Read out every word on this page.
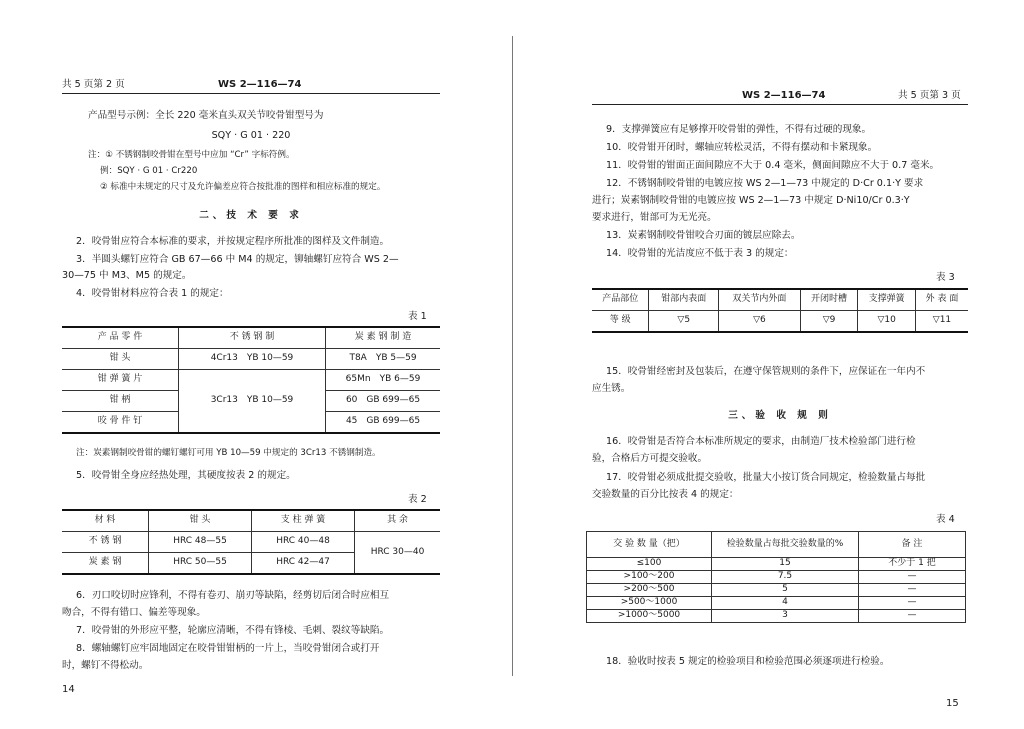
共 5 页第 2 页	WS 2—116—74
产品型号示例：全长 220 毫米直头双关节咬骨钳型号为
SQY · G 01 · 220
注：① 不锈钢制咬骨钳在型号中应加 “Cr” 字标符例。
例：SQY · G 01 · Cr220
② 标准中未规定的尺寸及允许偏差应符合按批准的图样和相应标准的规定。
二、技 术 要 求
2．咬骨钳应符合本标准的要求，并按规定程序所批准的图样及文件制造。
3．半圆头螺钉应符合 GB 67—66 中 M4 的规定，铆轴螺钉应符合 WS 2—
30—75 中 M3、M5 的规定。
4．咬骨钳材料应符合表 1 的规定：
表 1
产 品 零 件	不 锈 钢 制	炭 素 钢 制 造
钳 头	4Cr13　YB 10—59	T8A　YB 5—59
钳 弹 簧 片	3Cr13　YB 10—59	65Mn　YB 6—59
钳 柄		60　GB 699—65
咬 骨 件 钉		45　GB 699—65
注：炭素钢制咬骨钳的螺钉螺钉可用 YB 10—59 中规定的 3Cr13 不锈钢制造。
5．咬骨钳全身应经热处理，其硬度按表 2 的规定。
表 2
材 料	钳 头	支 柱 弹 簧	其 余
不 锈 钢	HRC 48—55	HRC 40—48	HRC 30—40
炭 素 钢	HRC 50—55	HRC 42—47	
6．刃口咬切时应锋利，不得有卷刃、崩刃等缺陷，经剪切后闭合时应相互
吻合，不得有错口、偏差等现象。
7．咬骨钳的外形应平整，轮廓应清晰，不得有锋棱、毛刺、裂纹等缺陷。
8．螺轴螺钉应牢固地固定在咬骨钳钳柄的一片上，当咬骨钳闭合或打开
时，螺钉不得松动。
14
WS 2—116—74	共 5 页第 3 页
9．支撑弹簧应有足够撑开咬骨钳的弹性，不得有过硬的现象。
10．咬骨钳开闭时，螺轴应转松灵活，不得有摆动和卡紧现象。
11．咬骨钳的钳面正面间隙应不大于 0.4 毫米，侧面间隙应不大于 0.7 毫米。
12．不锈钢制咬骨钳的电镀应按 WS 2—1—73 中规定的 D·Cr 0.1·Y 要求
进行；炭素钢制咬骨钳的电镀应按 WS 2—1—73 中规定 D·Ni10/Cr 0.3·Y
要求进行，钳部可为无光亮。
13．炭素钢制咬骨钳咬合刃面的镀层应除去。
14．咬骨钳的光洁度应不低于表 3 的规定：
表 3
产品部位	钳部内表面	双关节内外面	开闭时槽	支撑弹簧	外 表 面
等 级	▽5	▽6	▽9	▽10	▽11
15．咬骨钳经密封及包装后，在遵守保管规则的条件下，应保证在一年内不
应生锈。
三、验 收 规 则
16．咬骨钳是否符合本标准所规定的要求，由制造厂技术检验部门进行检
验，合格后方可提交验收。
17．咬骨钳必须成批提交验收，批量大小按订货合同规定，检验数量占每批
交验数量的百分比按表 4 的规定：
表 4
交 验 数 量（把）	检验数量占每批交验数量的%	备 注
≤100	15	不少于 1 把
>100～200	7.5	—
>200～500	5	—
>500～1000	4	—
>1000～5000	3	—
18．验收时按表 5 规定的检验项目和检验范围必须逐项进行检验。
15
